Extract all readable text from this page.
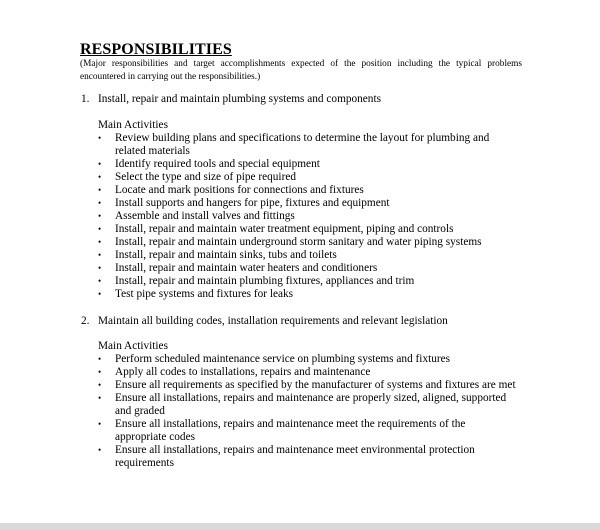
RESPONSIBILITIES
(Major responsibilities and target accomplishments expected of the position including the typical problems encountered in carrying out the responsibilities.)
1. Install, repair and maintain plumbing systems and components
Main Activities
•	Review building plans and specifications to determine the layout for plumbing and related materials
•	Identify required tools and special equipment
•	Select the type and size of pipe required
•	Locate and mark positions for connections and fixtures
•	Install supports and hangers for pipe, fixtures and equipment
•	Assemble and install valves and fittings
•	Install, repair and maintain water treatment equipment, piping and controls
•	Install, repair and maintain underground storm sanitary and water piping systems
•	Install, repair and maintain sinks, tubs and toilets
•	Install, repair and maintain water heaters and conditioners
•	Install, repair and maintain plumbing fixtures, appliances and trim
•	Test pipe systems and fixtures for leaks
2. Maintain all building codes, installation requirements and relevant legislation
Main Activities
•	Perform scheduled maintenance service on plumbing systems and fixtures
•	Apply all codes to installations, repairs and maintenance
•	Ensure all requirements as specified by the manufacturer of systems and fixtures are met
•	Ensure all installations, repairs and maintenance are properly sized, aligned, supported and graded
•	Ensure all installations, repairs and maintenance meet the requirements of the appropriate codes
•	Ensure all installations, repairs and maintenance meet environmental protection requirements
